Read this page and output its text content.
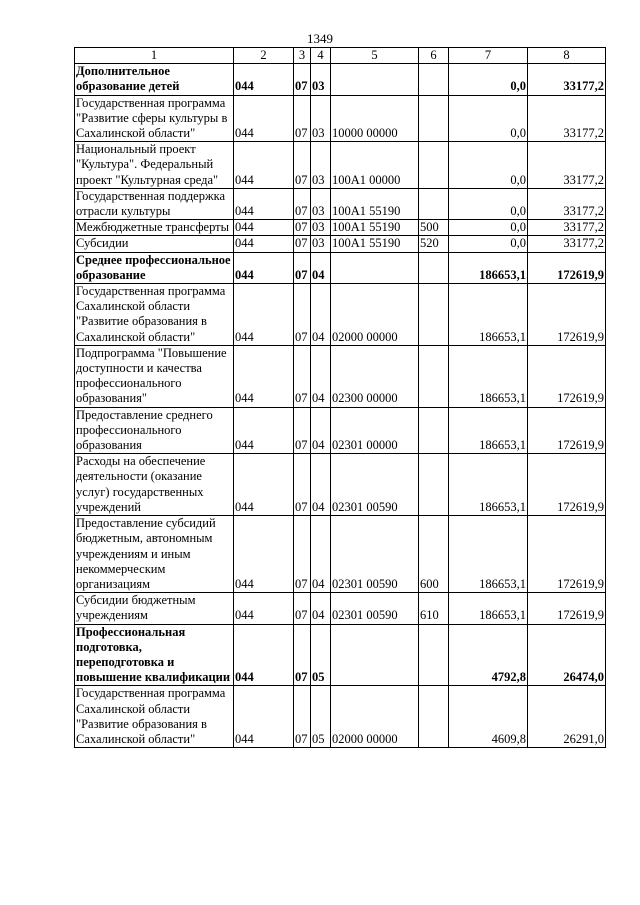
1349
1	2	3	4	5	6	7	8
Дополнительное образование детей	044	07	03			0,0	33177,2
Государственная программа "Развитие сферы культуры в Сахалинской области"	044	07	03	10000 00000		0,0	33177,2
Национальный проект "Культура". Федеральный проект "Культурная среда"	044	07	03	100А1 00000		0,0	33177,2
Государственная поддержка отрасли культуры	044	07	03	100А1 55190		0,0	33177,2
Межбюджетные трансферты	044	07	03	100А1 55190	500	0,0	33177,2
Субсидии	044	07	03	100А1 55190	520	0,0	33177,2
Среднее профессиональное образование	044	07	04			186653,1	172619,9
Государственная программа Сахалинской области "Развитие образования в Сахалинской области"	044	07	04	02000 00000		186653,1	172619,9
Подпрограмма "Повышение доступности и качества профессионального образования"	044	07	04	02300 00000		186653,1	172619,9
Предоставление среднего профессионального образования	044	07	04	02301 00000		186653,1	172619,9
Расходы на обеспечение деятельности (оказание услуг) государственных учреждений	044	07	04	02301 00590		186653,1	172619,9
Предоставление субсидий бюджетным, автономным учреждениям и иным некоммерческим организациям	044	07	04	02301 00590	600	186653,1	172619,9
Субсидии бюджетным учреждениям	044	07	04	02301 00590	610	186653,1	172619,9
Профессиональная подготовка, переподготовка и повышение квалификации	044	07	05			4792,8	26474,0
Государственная программа Сахалинской области "Развитие образования в Сахалинской области"	044	07	05	02000 00000		4609,8	26291,0
